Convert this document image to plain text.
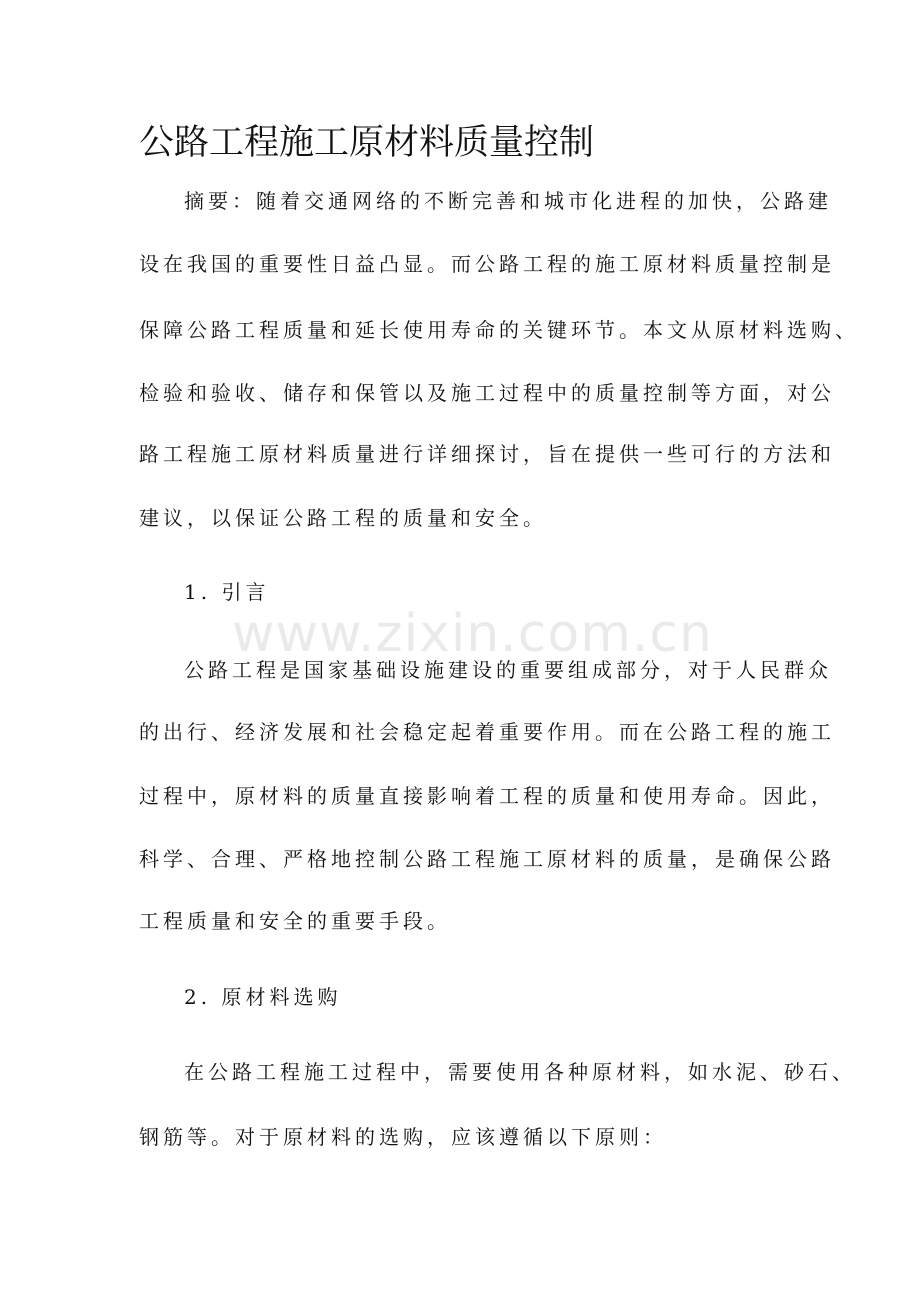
公路工程施工原材料质量控制

摘要：随着交通网络的不断完善和城市化进程的加快，公路建

设在我国的重要性日益凸显。而公路工程的施工原材料质量控制是

保障公路工程质量和延长使用寿命的关键环节。本文从原材料选购、

检验和验收、储存和保管以及施工过程中的质量控制等方面，对公

路工程施工原材料质量进行详细探讨，旨在提供一些可行的方法和

建议，以保证公路工程的质量和安全。

1. 引言

公路工程是国家基础设施建设的重要组成部分，对于人民群众

的出行、经济发展和社会稳定起着重要作用。而在公路工程的施工

过程中，原材料的质量直接影响着工程的质量和使用寿命。因此，

科学、合理、严格地控制公路工程施工原材料的质量，是确保公路

工程质量和安全的重要手段。

2. 原材料选购

在公路工程施工过程中，需要使用各种原材料，如水泥、砂石、

钢筋等。对于原材料的选购，应该遵循以下原则：

www.zixin.com.cn
